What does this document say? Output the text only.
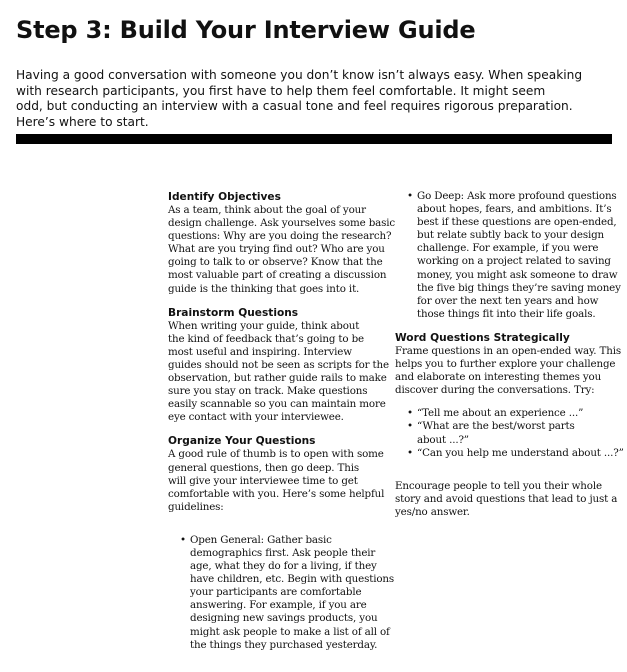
Step 3: Build Your Interview Guide

Having a good conversation with someone you don’t know isn’t always easy. When speaking
with research participants, you first have to help them feel comfortable. It might seem
odd, but conducting an interview with a casual tone and feel requires rigorous preparation.
Here’s where to start.

Identify Objectives
As a team, think about the goal of your
design challenge. Ask yourselves some basic
questions: Why are you doing the research?
What are you trying find out? Who are you
going to talk to or observe? Know that the
most valuable part of creating a discussion
guide is the thinking that goes into it.
Brainstorm Questions
When writing your guide, think about
the kind of feedback that’s going to be
most useful and inspiring. Interview
guides should not be seen as scripts for the
observation, but rather guide rails to make
sure you stay on track. Make questions
easily scannable so you can maintain more
eye contact with your interviewee.
Organize Your Questions
A good rule of thumb is to open with some
general questions, then go deep. This
will give your interviewee time to get
comfortable with you. Here’s some helpful
guidelines:
• Open General: Gather basic
demographics first. Ask people their
age, what they do for a living, if they
have children, etc. Begin with questions
your participants are comfortable
answering. For example, if you are
designing new savings products, you
might ask people to make a list of all of
the things they purchased yesterday.
• Go Deep: Ask more profound questions
about hopes, fears, and ambitions. It’s
best if these questions are open-ended,
but relate subtly back to your design
challenge. For example, if you were
working on a project related to saving
money, you might ask someone to draw
the five big things they’re saving money
for over the next ten years and how
those things fit into their life goals.
Word Questions Strategically
Frame questions in an open-ended way. This
helps you to further explore your challenge
and elaborate on interesting themes you
discover during the conversations. Try:
• “Tell me about an experience ...”
• “What are the best/worst parts
about ...?”
• “Can you help me understand about ...?”
Encourage people to tell you their whole
story and avoid questions that lead to just a
yes/no answer.
